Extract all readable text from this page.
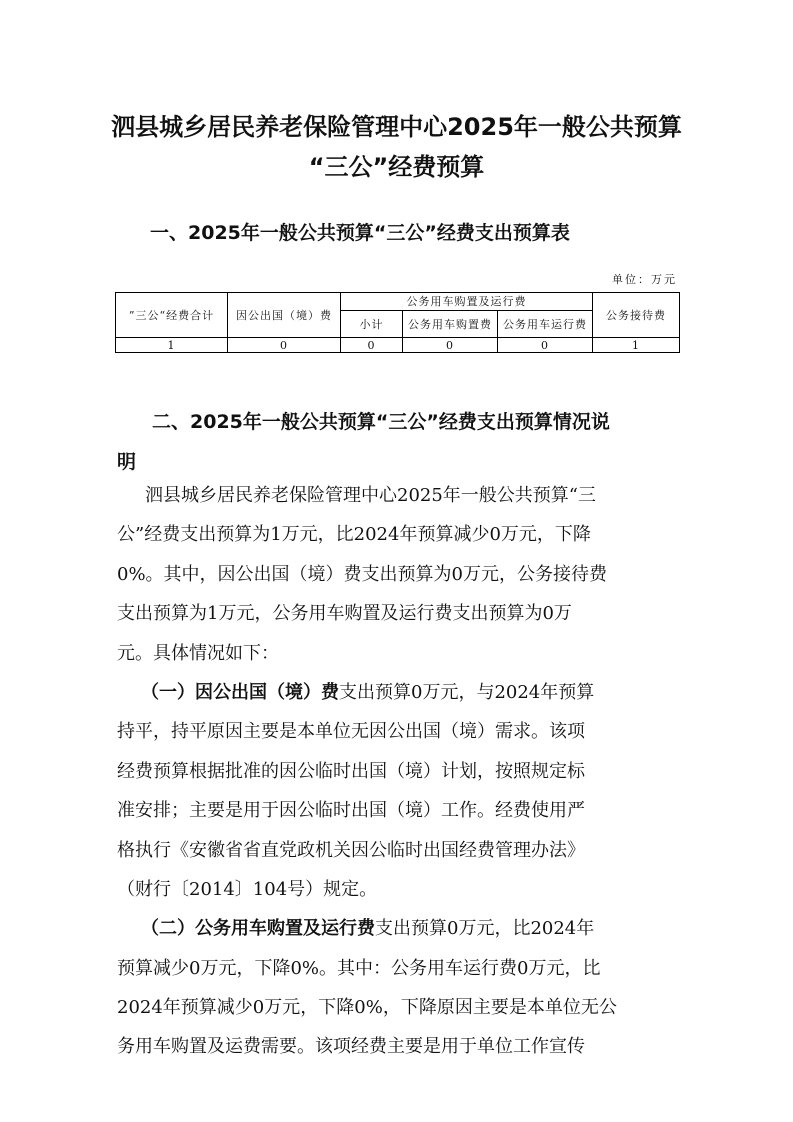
泗县城乡居民养老保险管理中心2025年一般公共预算
“三公”经费预算
一、2025年一般公共预算“三公”经费支出预算表
单位：万元
”三公“经费合计	因公出国（境）费	公务用车购置及运行费			公务接待费
		小计	公务用车购置费	公务用车运行费	
1	0	0	0	0	1
二、2025年一般公共预算“三公”经费支出预算情况说
明
泗县城乡居民养老保险管理中心2025年一般公共预算“三
公”经费支出预算为1万元，比2024年预算减少0万元，下降
0%。其中，因公出国（境）费支出预算为0万元，公务接待费
支出预算为1万元，公务用车购置及运行费支出预算为0万
元。具体情况如下：
（一）因公出国（境）费支出预算0万元，与2024年预算
持平，持平原因主要是本单位无因公出国（境）需求。该项
经费预算根据批准的因公临时出国（境）计划，按照规定标
准安排；主要是用于因公临时出国（境）工作。经费使用严
格执行《安徽省省直党政机关因公临时出国经费管理办法》
（财行〔2014〕104号）规定。
（二）公务用车购置及运行费支出预算0万元，比2024年
预算减少0万元，下降0%。其中：公务用车运行费0万元，比
2024年预算减少0万元，下降0%，下降原因主要是本单位无公
务用车购置及运费需要。该项经费主要是用于单位工作宣传
